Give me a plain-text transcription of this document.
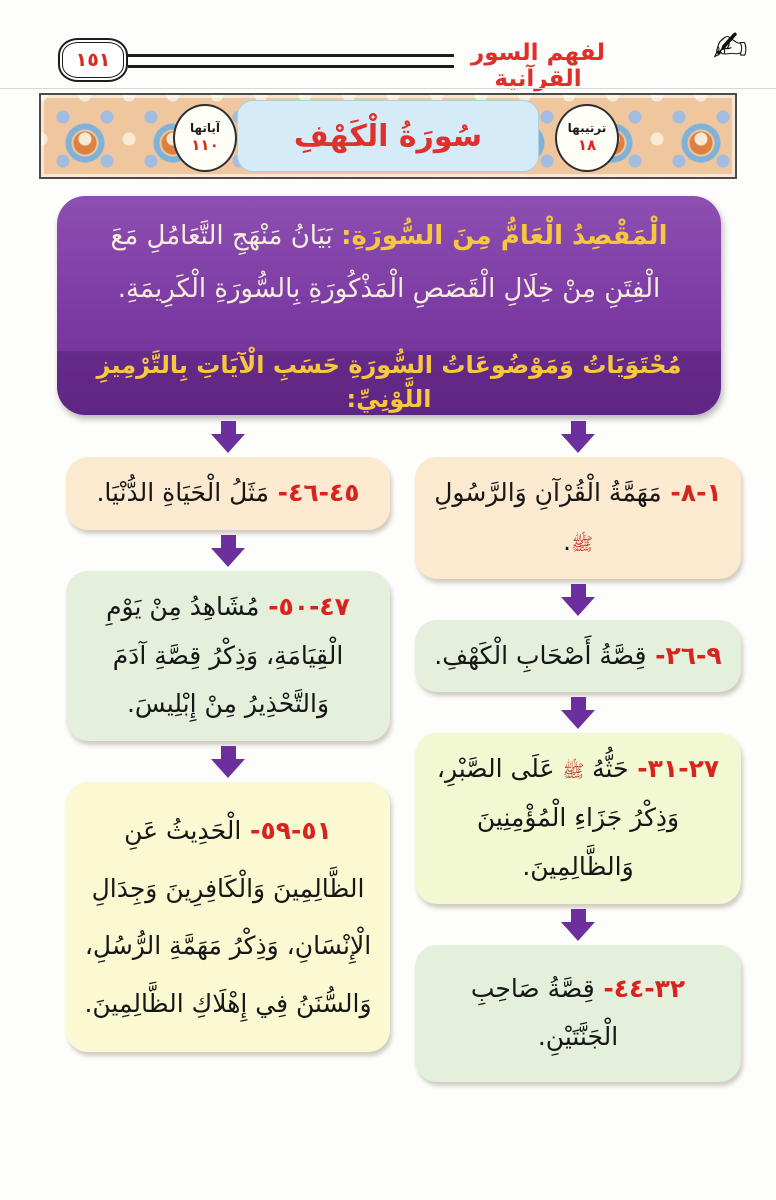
١٥١	لفهم السور القرآنية
✍
سُورَةُ الْكَهْفِ
آياتها
١١٠
ترتيبها
١٨
الْمَقْصِدُ الْعَامُّ مِنَ السُّورَةِ: بَيَانُ مَنْهَجِ التَّعَامُلِ مَعَ الْفِتَنِ مِنْ خِلَالِ الْقَصَصِ الْمَذْكُورَةِ بِالسُّورَةِ الْكَرِيمَةِ.
مُحْتَوَيَاتُ وَمَوْضُوعَاتُ السُّورَةِ حَسَبِ الْآيَاتِ بِالتَّرْمِيزِ اللَّوْنِيِّ:
١-٨- مَهَمَّةُ الْقُرْآنِ وَالرَّسُولِ ﷺ.
٩-٢٦- قِصَّةُ أَصْحَابِ الْكَهْفِ.
٢٧-٣١- حَثُّهُ ﷺ عَلَى الصَّبْرِ، وَذِكْرُ جَزَاءِ الْمُؤْمِنِينَ وَالظَّالِمِينَ.
٣٢-٤٤- قِصَّةُ صَاحِبِ الْجَنَّتَيْنِ.
٤٥-٤٦- مَثَلُ الْحَيَاةِ الدُّنْيَا.
٤٧-٥٠- مُشَاهِدُ مِنْ يَوْمِ الْقِيَامَةِ، وَذِكْرُ قِصَّةِ آدَمَ وَالتَّحْذِيرُ مِنْ إِبْلِيسَ.
٥١-٥٩- الْحَدِيثُ عَنِ الظَّالِمِينَ وَالْكَافِرِينَ وَجِدَالِ الْإِنْسَانِ، وَذِكْرُ مَهَمَّةِ الرُّسُلِ، وَالسُّنَنُ فِي إِهْلَاكِ الظَّالِمِينَ.
